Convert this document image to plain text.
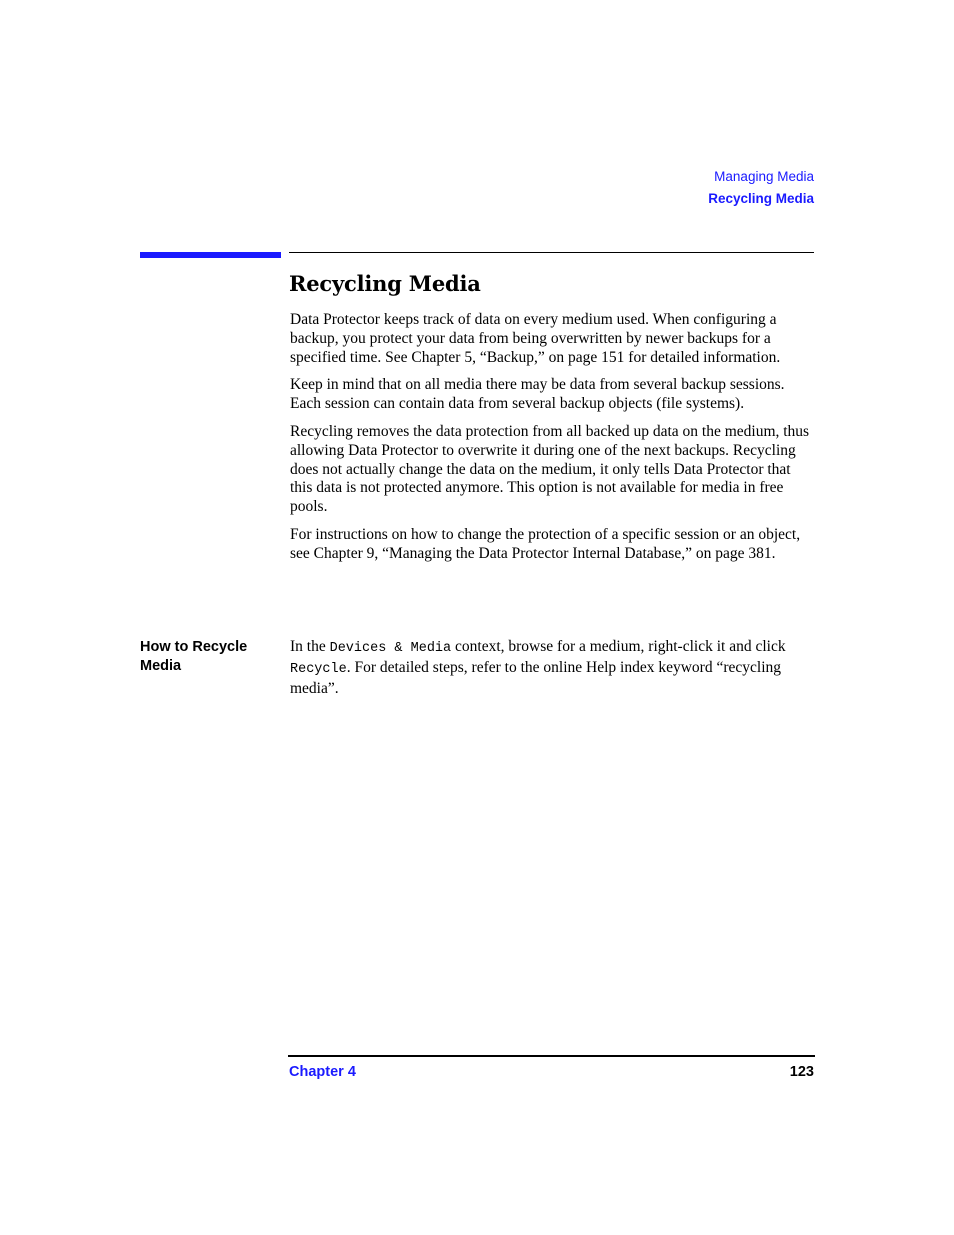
Managing Media
Recycling Media
Recycling Media

Data Protector keeps track of data on every medium used. When configuring a backup, you protect your data from being overwritten by newer backups for a specified time. See Chapter 5, “Backup,” on page 151 for detailed information.

Keep in mind that on all media there may be data from several backup sessions. Each session can contain data from several backup objects (file systems).

Recycling removes the data protection from all backed up data on the medium, thus allowing Data Protector to overwrite it during one of the next backups. Recycling does not actually change the data on the medium, it only tells Data Protector that this data is not protected anymore. This option is not available for media in free pools.

For instructions on how to change the protection of a specific session or an object, see Chapter 9, “Managing the Data Protector Internal Database,” on page 381.

How to Recycle Media

In the Devices & Media context, browse for a medium, right-click it and click Recycle. For detailed steps, refer to the online Help index keyword “recycling media”.

Chapter 4	123
